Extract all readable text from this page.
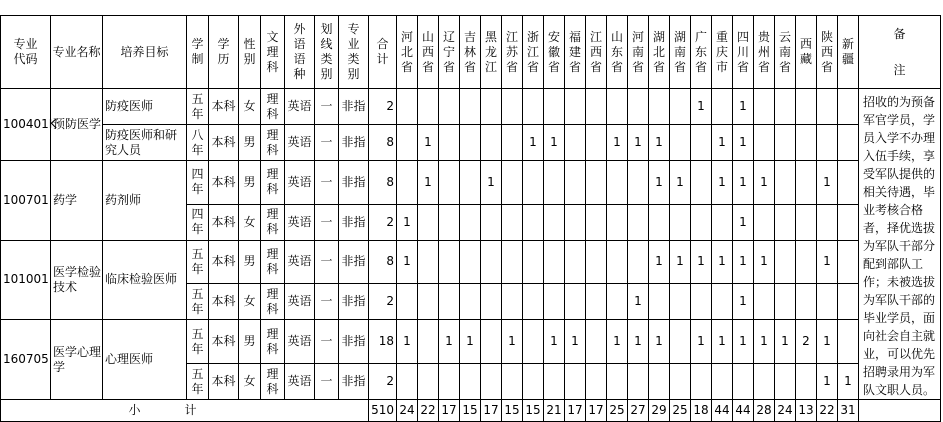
专业代码	专业名称	培养目标	学制	学历	性别	文理科	外语语种	划线类别	专业类别	合计	河北省	山西省	辽宁省	吉林省	黑龙江	江苏省	浙江省	安徽省	福建省	江西省	山东省	河南省	湖北省	湖南省	广东省	重庆市	四川省	贵州省	云南省	西藏	陕西省	新疆	备注
100401K	预防医学	防疫医师	五年	本科	女	理科	英语	一	非指	2															1		1						招收的为预备军官学员，学员入学不办理入伍手续，享受军队提供的相关待遇，毕业考核合格者，择优选拔为军队干部分配到部队工作；未被选拔为军队干部的毕业学员，面向社会自主就业，可以优先招聘录用为军队文职人员。
		防疫医师和研究人员	八年	本科	男	理科	英语	一	非指	8		1					1	1			1	1	1			1	1						
100701	药学	药剂师	四年	本科	男	理科	英语	一	非指	8		1			1								1	1		1	1	1			1		
			四年	本科	女	理科	英语	一	非指	2	1																1						
101001	医学检验技术	临床检验医师	五年	本科	男	理科	英语	一	非指	8	1												1	1	1	1	1	1			1		
			五年	本科	女	理科	英语	一	非指	2												1					1						
160705	医学心理学	心理医师	五年	本科	男	理科	英语	一	非指	18	1		1	1		1		1	1		1	1	1		1	1	1	1	1	2	1		
			五年	本科	女	理科	英语	一	非指	2																					1	1	
小计										510	24	22	17	15	17	15	15	21	17	17	25	27	29	25	18	44	44	28	24	13	22	31	
